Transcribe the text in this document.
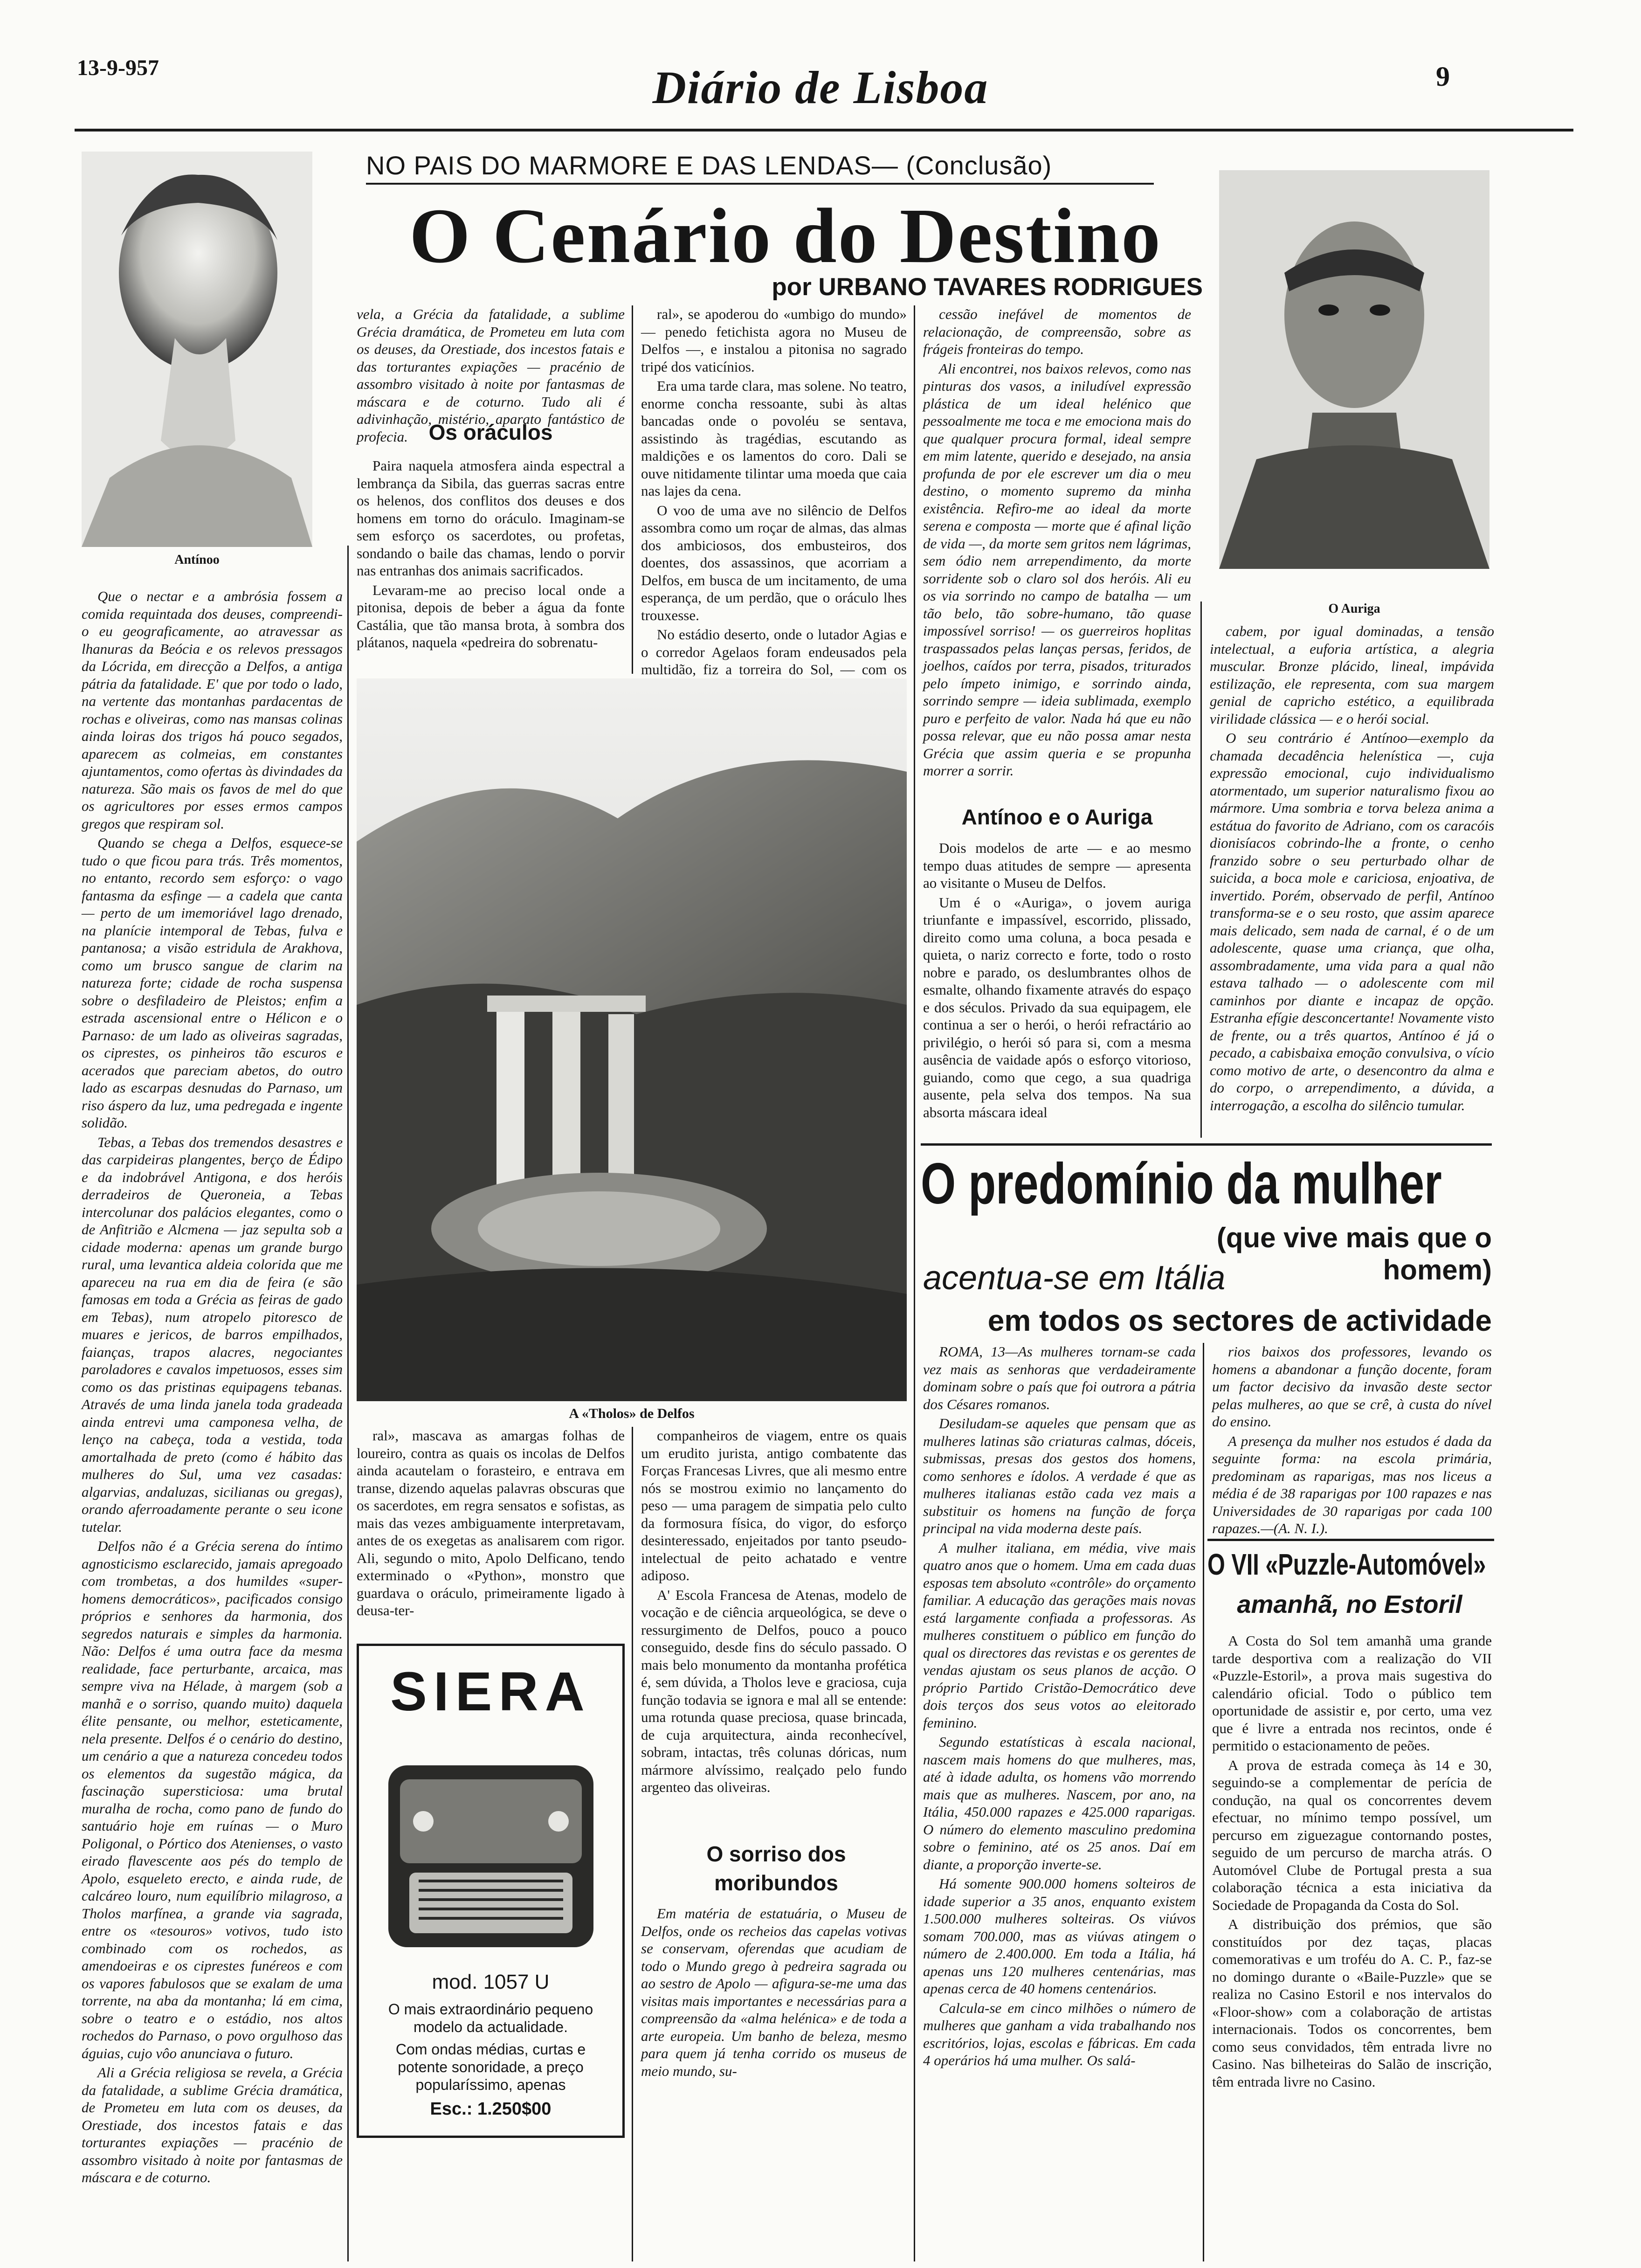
13-9-957	Diário de Lisboa	9
Antínoo
O Auriga
NO PAIS DO MARMORE E DAS LENDAS— (Conclusão)
O Cenário do Destino
por URBANO TAVARES RODRIGUES

Que o nectar e a ambrósia fossem a comida requintada dos deuses, compreendi-o eu geograficamente, ao atravessar as lhanuras da Beócia e os relevos pressagos da Lócrida, em direcção a Delfos, a antiga pátria da fatalidade. E' que por todo o lado, na vertente das montanhas pardacentas de rochas e oliveiras, como nas mansas colinas ainda loiras dos trigos há pouco segados, aparecem as colmeias, em constantes ajuntamentos, como ofertas às divindades da natureza. São mais os favos de mel do que os agricultores por esses ermos campos gregos que respiram sol.

Quando se chega a Delfos, esquece-se tudo o que ficou para trás. Três momentos, no entanto, recordo sem esforço: o vago fantasma da esfinge — a cadela que canta — perto de um imemoriável lago drenado, na planície intemporal de Tebas, fulva e pantanosa; a visão estridula de Arakhova, como um brusco sangue de clarim na natureza forte; cidade de rocha suspensa sobre o desfiladeiro de Pleistos; enfim a estrada ascensional entre o Hélicon e o Parnaso: de um lado as oliveiras sagradas, os ciprestes, os pinheiros tão escuros e acerados que pareciam abetos, do outro lado as escarpas desnudas do Parnaso, um riso áspero da luz, uma pedregada e ingente solidão.

Tebas, a Tebas dos tremendos desastres e das carpideiras plangentes, berço de Édipo e da indobrável Antigona, e dos heróis derradeiros de Queroneia, a Tebas intercolunar dos palácios elegantes, como o de Anfitrião e Alcmena — jaz sepulta sob a cidade moderna: apenas um grande burgo rural, uma levantica aldeia colorida que me apareceu na rua em dia de feira (e são famosas em toda a Grécia as feiras de gado em Tebas), num atropelo pitoresco de muares e jericos, de barros empilhados, faianças, trapos alacres, negociantes paroladores e cavalos impetuosos, esses sim como os das pristinas equipagens tebanas. Através de uma linda janela toda gradeada ainda entrevi uma camponesa velha, de lenço na cabeça, toda a vestida, toda amortalhada de preto (como é hábito das mulheres do Sul, uma vez casadas: algarvias, andaluzas, sicilianas ou gregas), orando aferroadamente perante o seu icone tutelar.

Delfos não é a Grécia serena do íntimo agnosticismo esclarecido, jamais apregoado com trombetas, a dos humildes «super-homens democráticos», pacificados consigo próprios e senhores da harmonia, dos segredos naturais e simples da harmonia. Não: Delfos é uma outra face da mesma realidade, face perturbante, arcaica, mas sempre viva na Hélade, à margem (sob a manhã e o sorriso, quando muito) daquela élite pensante, ou melhor, esteticamente, nela presente. Delfos é o cenário do destino, um cenário a que a natureza concedeu todos os elementos da sugestão mágica, da fascinação supersticiosa: uma brutal muralha de rocha, como pano de fundo do santuário hoje em ruínas — o Muro Poligonal, o Pórtico dos Atenienses, o vasto eirado flavescente aos pés do templo de Apolo, esqueleto erecto, e ainda rude, de calcáreo louro, num equilíbrio milagroso, a Tholos marfínea, a grande via sagrada, entre os «tesouros» votivos, tudo isto combinado com os rochedos, as amendoeiras e os ciprestes funéreos e com os vapores fabulosos que se exalam de uma torrente, na aba da montanha; lá em cima, sobre o teatro e o estádio, nos altos rochedos do Parnaso, o povo orgulhoso das águias, cujo vôo anunciava o futuro.

Ali a Grécia religiosa se revela, a Grécia da fatalidade, a sublime Grécia dramática, de Prometeu em luta com os deuses, da Orestiade, dos incestos fatais e das torturantes expiações — pracénio de assombro visitado à noite por fantasmas de máscara e de coturno.

vela, a Grécia da fatalidade, a sublime Grécia dramática, de Prometeu em luta com os deuses, da Orestiade, dos incestos fatais e das torturantes expiações — pracénio de assombro visitado à noite por fantasmas de máscara e de coturno. Tudo ali é adivinhação, mistério, aparato fantástico de profecia. Os oráculos

Paira naquela atmosfera ainda espectral a lembrança da Sibila, das guerras sacras entre os helenos, dos conflitos dos deuses e dos homens em torno do oráculo. Imaginam-se sem esforço os sacerdotes, ou profetas, sondando o baile das chamas, lendo o porvir nas entranhas dos animais sacrificados.

Levaram-me ao preciso local onde a pitonisa, depois de beber a água da fonte Castália, que tão mansa brota, à sombra dos plátanos, naquela «pedreira do sobrenatu-

ral», se apoderou do «umbigo do mundo» — penedo fetichista agora no Museu de Delfos —, e instalou a pitonisa no sagrado tripé dos vaticínios.

Era uma tarde clara, mas solene. No teatro, enorme concha ressoante, subi às altas bancadas onde o povoléu se sentava, assistindo às tragédias, escutando as maldições e os lamentos do coro. Dali se ouve nitidamente tilintar uma moeda que caia nas lajes da cena.

O voo de uma ave no silêncio de Delfos assombra como um roçar de almas, das almas dos ambiciosos, dos embusteiros, dos doentes, dos assassinos, que acorriam a Delfos, em busca de um incitamento, de uma esperança, de um perdão, que o oráculo lhes trouxesse.

No estádio deserto, onde o lutador Agias e o corredor Agelaos foram endeusados pela multidão, fiz a torreira do Sol, — com os

cessão inefável de momentos de relacionação, de compreensão, sobre as frágeis fronteiras do tempo.

Ali encontrei, nos baixos relevos, como nas pinturas dos vasos, a iniludível expressão plástica de um ideal helénico que pessoalmente me toca e me emociona mais do que qualquer procura formal, ideal sempre em mim latente, querido e desejado, na ansia profunda de por ele escrever um dia o meu destino, o momento supremo da minha existência. Refiro-me ao ideal da morte serena e composta — morte que é afinal lição de vida —, da morte sem gritos nem lágrimas, sem ódio nem arrependimento, da morte sorridente sob o claro sol dos heróis. Ali eu os via sorrindo no campo de batalha — um tão belo, tão sobre-humano, tão quase impossível sorriso! — os guerreiros hoplitas traspassados pelas lanças persas, feridos, de joelhos, caídos por terra, pisados, triturados pelo ímpeto inimigo, e sorrindo ainda, sorrindo sempre — ideia sublimada, exemplo puro e perfeito de valor. Nada há que eu não possa relevar, que eu não possa amar nesta Grécia que assim queria e se propunha morrer a sorrir.

Antínoo e o Auriga

Dois modelos de arte — e ao mesmo tempo duas atitudes de sempre — apresenta ao visitante o Museu de Delfos.

Um é o «Auriga», o jovem auriga triunfante e impassível, escorrido, plissado, direito como uma coluna, a boca pesada e quieta, o nariz correcto e forte, todo o rosto nobre e parado, os deslumbrantes olhos de esmalte, olhando fixamente através do espaço e dos séculos. Privado da sua equipagem, ele continua a ser o herói, o herói refractário ao privilégio, o herói só para si, com a mesma ausência de vaidade após o esforço vitorioso, guiando, como que cego, a sua quadriga ausente, pela selva dos tempos. Na sua absorta máscara ideal

cabem, por igual dominadas, a tensão intelectual, a euforia artística, a alegria muscular. Bronze plácido, lineal, impávida estilização, ele representa, com sua margem genial de capricho estético, a equilibrada virilidade clássica — e o herói social.

O seu contrário é Antínoo—exemplo da chamada decadência helenística —, cuja expressão emocional, cujo individualismo atormentado, um superior naturalismo fixou ao mármore. Uma sombria e torva beleza anima a estátua do favorito de Adriano, com os caracóis dionisíacos cobrindo-lhe a fronte, o cenho franzido sobre o seu perturbado olhar de suicida, a boca mole e cariciosa, enjoativa, de invertido. Porém, observado de perfil, Antínoo transforma-se e o seu rosto, que assim aparece mais delicado, sem nada de carnal, é o de um adolescente, quase uma criança, que olha, assombradamente, uma vida para a qual não estava talhado — o adolescente com mil caminhos por diante e incapaz de opção. Estranha efígie desconcertante! Novamente visto de frente, ou a três quartos, Antínoo é já o pecado, a cabisbaixa emoção convulsiva, o vício como motivo de arte, o desencontro da alma e do corpo, o arrependimento, a dúvida, a interrogação, a escolha do silêncio tumular.

A «Tholos» de Delfos

ral», mascava as amargas folhas de loureiro, contra as quais os incolas de Delfos ainda acautelam o forasteiro, e entrava em transe, dizendo aquelas palavras obscuras que os sacerdotes, em regra sensatos e sofistas, as mais das vezes ambiguamente interpretavam, antes de os exegetas as analisarem com rigor. Ali, segundo o mito, Apolo Delficano, tendo exterminado o «Python», monstro que guardava o oráculo, primeiramente ligado à deusa-ter-

SIERA
mod. 1057 U
O mais extraordinário pequeno modelo da actualidade.
Com ondas médias, curtas e potente sonoridade, a preço popularíssimo, apenas
Esc.: 1.250$00

companheiros de viagem, entre os quais um erudito jurista, antigo combatente das Forças Francesas Livres, que ali mesmo entre nós se mostrou eximio no lançamento do peso — uma paragem de simpatia pelo culto da formosura física, do vigor, do esforço desinteressado, enjeitados por tanto pseudo-intelectual de peito achatado e ventre adiposo.

A' Escola Francesa de Atenas, modelo de vocação e de ciência arqueológica, se deve o ressurgimento de Delfos, pouco a pouco conseguido, desde fins do século passado. O mais belo monumento da montanha profética é, sem dúvida, a Tholos leve e graciosa, cuja função todavia se ignora e mal all se entende: uma rotunda quase preciosa, quase brincada, de cuja arquitectura, ainda reconhecível, sobram, intactas, três colunas dóricas, num mármore alvíssimo, realçado pelo fundo argenteo das oliveiras.

O sorriso dos moribundos

Em matéria de estatuária, o Museu de Delfos, onde os recheios das capelas votivas se conservam, oferendas que acudiam de todo o Mundo grego à pedreira sagrada ou ao sestro de Apolo — afigura-se-me uma das visitas mais importantes e necessárias para a compreensão da «alma helénica» e de toda a arte europeia. Um banho de beleza, mesmo para quem já tenha corrido os museus de meio mundo, su-

O predomínio da mulher
(que vive mais que o homem)
acentua-se em Itália
em todos os sectores de actividade

ROMA, 13—As mulheres tornam-se cada vez mais as senhoras que verdadeiramente dominam sobre o país que foi outrora a pátria dos Césares romanos.

Desiludam-se aqueles que pensam que as mulheres latinas são criaturas calmas, dóceis, submissas, presas dos gestos dos homens, como senhores e ídolos. A verdade é que as mulheres italianas estão cada vez mais a substituir os homens na função de força principal na vida moderna deste país.

A mulher italiana, em média, vive mais quatro anos que o homem. Uma em cada duas esposas tem absoluto «contrôle» do orçamento familiar. A educação das gerações mais novas está largamente confiada a professoras. As mulheres constituem o público em função do qual os directores das revistas e os gerentes de vendas ajustam os seus planos de acção. O próprio Partido Cristão-Democrático deve dois terços dos seus votos ao eleitorado feminino.

Segundo estatísticas à escala nacional, nascem mais homens do que mulheres, mas, até à idade adulta, os homens vão morrendo mais que as mulheres. Nascem, por ano, na Itália, 450.000 rapazes e 425.000 raparigas. O número do elemento masculino predomina sobre o feminino, até os 25 anos. Daí em diante, a proporção inverte-se.

Há somente 900.000 homens solteiros de idade superior a 35 anos, enquanto existem 1.500.000 mulheres solteiras. Os viúvos somam 700.000, mas as viúvas atingem o número de 2.400.000. Em toda a Itália, há apenas uns 120 mulheres centenárias, mas apenas cerca de 40 homens centenários.

Calcula-se em cinco milhões o número de mulheres que ganham a vida trabalhando nos escritórios, lojas, escolas e fábricas. Em cada 4 operários há uma mulher. Os salá-

rios baixos dos professores, levando os homens a abandonar a função docente, foram um factor decisivo da invasão deste sector pelas mulheres, ao que se crê, à custa do nível do ensino.

A presença da mulher nos estudos é dada da seguinte forma: na escola primária, predominam as raparigas, mas nos liceus a média é de 38 raparigas por 100 rapazes e nas Universidades de 30 raparigas por cada 100 rapazes.—(A. N. I.).

O VII «Puzzle-Automóvel»
amanhã, no Estoril

A Costa do Sol tem amanhã uma grande tarde desportiva com a realização do VII «Puzzle-Estoril», a prova mais sugestiva do calendário oficial. Todo o público tem oportunidade de assistir e, por certo, uma vez que é livre a entrada nos recintos, onde é permitido o estacionamento de peões.

A prova de estrada começa às 14 e 30, seguindo-se a complementar de perícia de condução, na qual os concorrentes devem efectuar, no mínimo tempo possível, um percurso em ziguezague contornando postes, seguido de um percurso de marcha atrás. O Automóvel Clube de Portugal presta a sua colaboração técnica a esta iniciativa da Sociedade de Propaganda da Costa do Sol.

A distribuição dos prémios, que são constituídos por dez taças, placas comemorativas e um troféu do A. C. P., faz-se no domingo durante o «Baile-Puzzle» que se realiza no Casino Estoril e nos intervalos do «Floor-show» com a colaboração de artistas internacionais. Todos os concorrentes, bem como seus convidados, têm entrada livre no Casino. Nas bilheteiras do Salão de inscrição, têm entrada livre no Casino.
